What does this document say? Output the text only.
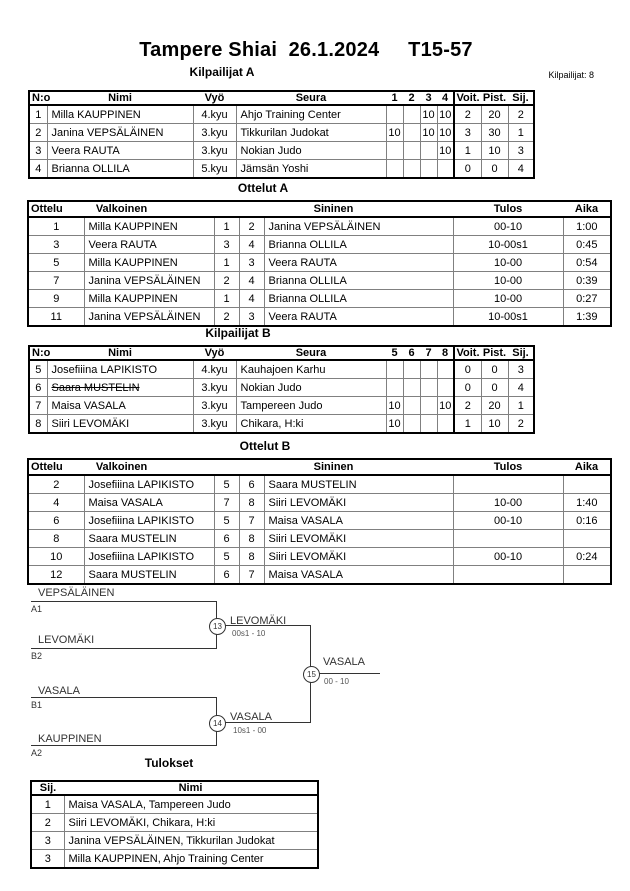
Tampere Shiai  26.1.2024     T15-57
Kilpailijat: 8
Kilpailijat A
N:o	Nimi	Vyö	Seura	1	2	3	4	Voit.	Pist.	Sij.
1	Milla KAUPPINEN	4.kyu	Ahjo Training Center			10	10	2	20	2
2	Janina VEPSÄLÄINEN	3.kyu	Tikkurilan Judokat	10		10	10	3	30	1
3	Veera RAUTA	3.kyu	Nokian Judo				10	1	10	3
4	Brianna OLLILA	5.kyu	Jämsän Yoshi					0	0	4
Ottelut A
Ottelu Valkoinen		Sininen			Tulos	Aika
1	Milla KAUPPINEN	1	2	Janina VEPSÄLÄINEN	00-10	1:00
3	Veera RAUTA	3	4	Brianna OLLILA	10-00s1	0:45
5	Milla KAUPPINEN	1	3	Veera RAUTA	10-00	0:54
7	Janina VEPSÄLÄINEN	2	4	Brianna OLLILA	10-00	0:39
9	Milla KAUPPINEN	1	4	Brianna OLLILA	10-00	0:27
11	Janina VEPSÄLÄINEN	2	3	Veera RAUTA	10-00s1	1:39
Kilpailijat B
N:o	Nimi	Vyö	Seura	5	6	7	8	Voit.	Pist.	Sij.
5	Josefiiina LAPIKISTO	4.kyu	Kauhajoen Karhu					0	0	3
6	Saara MUSTELIN	3.kyu	Nokian Judo					0	0	4
7	Maisa VASALA	3.kyu	Tampereen Judo	10			10	2	20	1
8	Siiri LEVOMÄKI	3.kyu	Chikara, H:ki	10				1	10	2
Ottelut B
Ottelu Valkoinen		Sininen			Tulos	Aika
2	Josefiiina LAPIKISTO	5	6	Saara MUSTELIN		
4	Maisa VASALA	7	8	Siiri LEVOMÄKI	10-00	1:40
6	Josefiiina LAPIKISTO	5	7	Maisa VASALA	00-10	0:16
8	Saara MUSTELIN	6	8	Siiri LEVOMÄKI		
10	Josefiiina LAPIKISTO	5	8	Siiri LEVOMÄKI	00-10	0:24
12	Saara MUSTELIN	6	7	Maisa VASALA		
VEPSÄLÄINEN
A1
LEVOMÄKI
B2
13 LEVOMÄKI
00s1 - 10
VASALA
B1
KAUPPINEN
A2
14
VASALA
10s1 - 00
15
VASALA
00 - 10
Tulokset
Sij.	Nimi
1	Maisa VASALA, Tampereen Judo
2	Siiri LEVOMÄKI, Chikara, H:ki
3	Janina VEPSÄLÄINEN, Tikkurilan Judokat
3	Milla KAUPPINEN, Ahjo Training Center
